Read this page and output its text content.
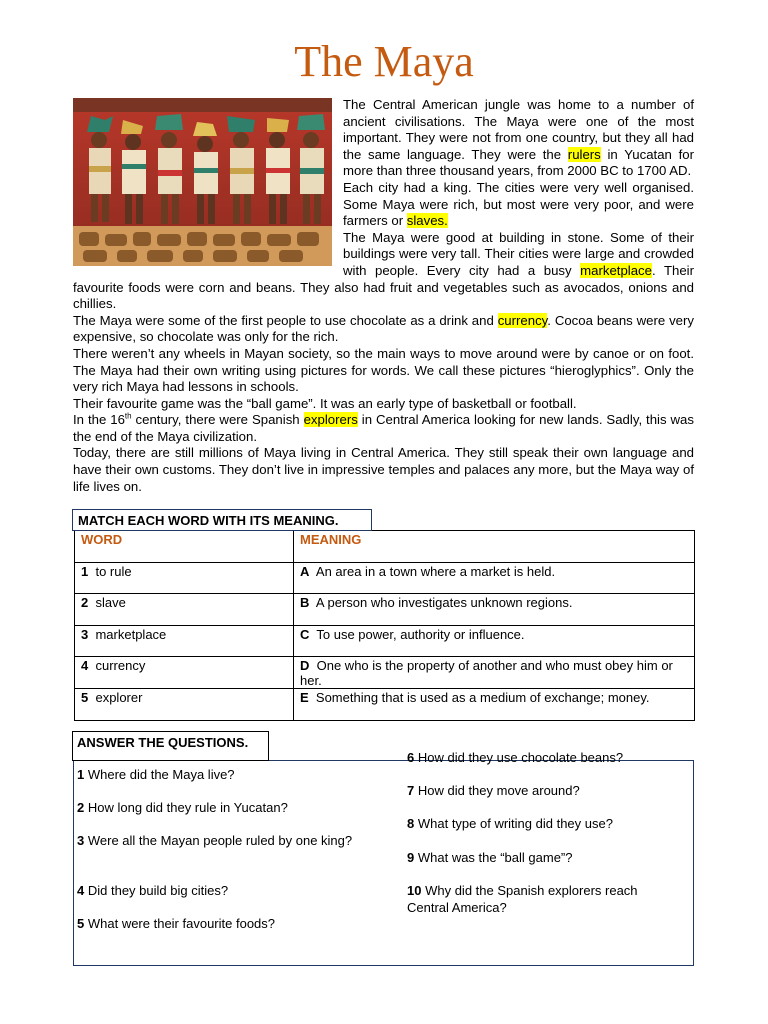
The Maya

The Central American jungle was home to a number of ancient civilisations. The Maya were one of the most important. They were not from one country, but they all had the same language. They were the rulers in Yucatan for more than three thousand years, from 2000 BC to 1700 AD.

Each city had a king. The cities were very well organised. Some Maya were rich, but most were very poor, and were farmers or slaves.

The Maya were good at building in stone. Some of their buildings were very tall. Their cities were large and crowded with people. Every city had a busy marketplace. Their favourite foods were corn and beans. They also had fruit and vegetables such as avocados, onions and chillies.

The Maya were some of the first people to use chocolate as a drink and currency. Cocoa beans were very expensive, so chocolate was only for the rich.

There weren’t any wheels in Mayan society, so the main ways to move around were by canoe or on foot. The Maya had their own writing using pictures for words. We call these pictures “hieroglyphics”. Only the very rich Maya had lessons in schools.

Their favourite game was the “ball game”. It was an early type of basketball or football.

In the 16th century, there were Spanish explorers in Central America looking for new lands. Sadly, this was the end of the Maya civilization.

Today, there are still millions of Maya living in Central America. They still speak their own language and have their own customs. They don’t live in impressive temples and palaces any more, but the Maya way of life lives on.

MATCH EACH WORD WITH ITS MEANING.
WORD	MEANING
1 to rule	A An area in a town where a market is held.
2 slave	B A person who investigates unknown regions.
3 marketplace	C To use power, authority or influence.
4 currency	D One who is the property of another and who must obey him or her.
5 explorer	E Something that is used as a medium of exchange; money.
ANSWER THE QUESTIONS.
1 Where did the Maya live?
2 How long did they rule in Yucatan?
3 Were all the Mayan people ruled by one king?
4 Did they build big cities?
5 What were their favourite foods?
6 How did they use chocolate beans?
7 How did they move around?
8 What type of writing did they use?
9 What was the “ball game”?
10 Why did the Spanish explorers reach Central America?
